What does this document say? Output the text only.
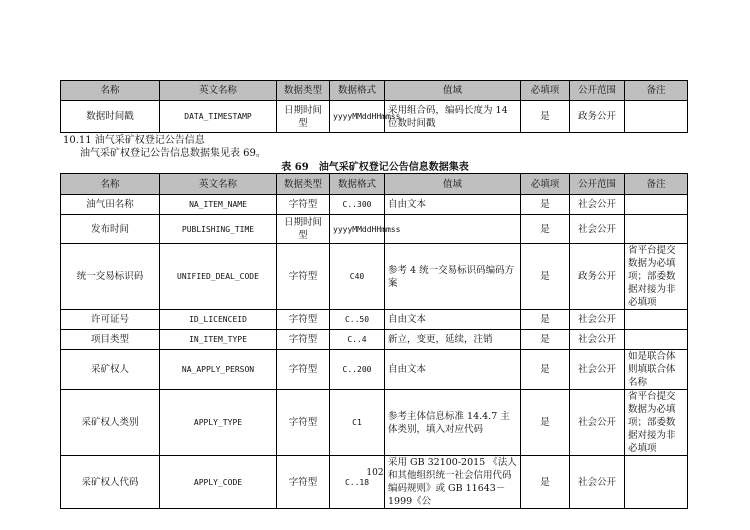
名称	英文名称	数据类型	数据格式	值域	必填项	公开范围	备注
数据时间戳	DATA_TIMESTAMP	日期时间型	yyyyMMddHHmmss	采用组合码，编码长度为 14 位数时间戳	是	政务公开	
10.11 油气采矿权登记公告信息
油气采矿权登记公告信息数据集见表 69。
表 69　油气采矿权登记公告信息数据集表
名称	英文名称	数据类型	数据格式	值域	必填项	公开范围	备注
油气田名称	NA_ITEM_NAME	字符型	C..300	自由文本	是	社会公开	
发布时间	PUBLISHING_TIME	日期时间型	yyyyMMddHHmmss		是	社会公开	
统一交易标识码	UNIFIED_DEAL_CODE	字符型	C40	参考 4 统一交易标识码编码方案	是	政务公开	省平台提交数据为必填项；部委数据对接为非必填项
许可证号	ID_LICENCEID	字符型	C..50	自由文本	是	社会公开	
项目类型	IN_ITEM_TYPE	字符型	C..4	新立，变更，延续，注销	是	社会公开	
采矿权人	NA_APPLY_PERSON	字符型	C..200	自由文本	是	社会公开	如是联合体则填联合体名称
采矿权人类别	APPLY_TYPE	字符型	C1	参考主体信息标准 14.4.7 主体类别，填入对应代码	是	社会公开	省平台提交数据为必填项；部委数据对接为非必填项
采矿权人代码	APPLY_CODE	字符型	C..18	采用 GB 32100-2015 《法人和其他组织统一社会信用代码编码规则》或 GB 11643－1999《公	是	社会公开	
102
